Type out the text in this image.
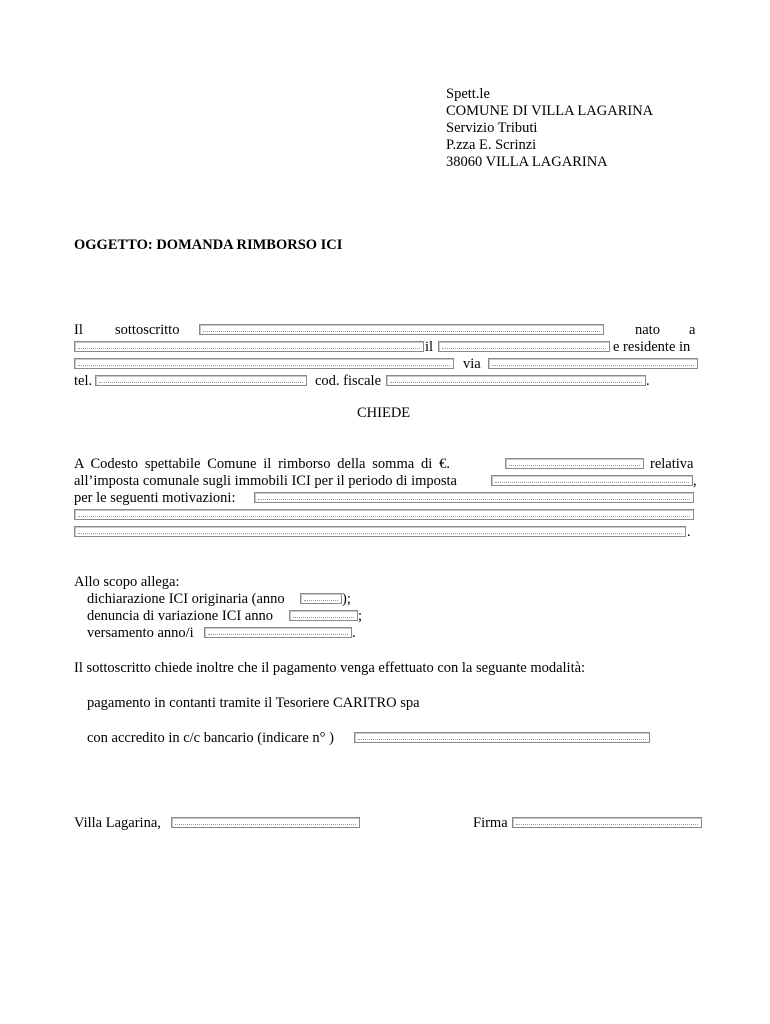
Spett.le
COMUNE DI VILLA LAGARINA
Servizio Tributi
P.zza E. Scrinzi
38060 VILLA LAGARINA
OGGETTO: DOMANDA RIMBORSO ICI
Il sottoscritto	nato a
il	e residente in
via
tel.	cod. fiscale	.
CHIEDE
A Codesto spettabile Comune il rimborso della somma di €.	relativa
all’imposta comunale sugli immobili ICI per il periodo di imposta	,
per le seguenti motivazioni:
.
Allo scopo allega:
dichiarazione ICI originaria (anno	);
denuncia di variazione ICI anno	;
versamento anno/i	.
Il sottoscritto chiede inoltre che il pagamento venga effettuato con la seguante modalità:
pagamento in contanti tramite il Tesoriere CARITRO spa
con accredito in c/c bancario (indicare n° )
Villa Lagarina,	Firma
